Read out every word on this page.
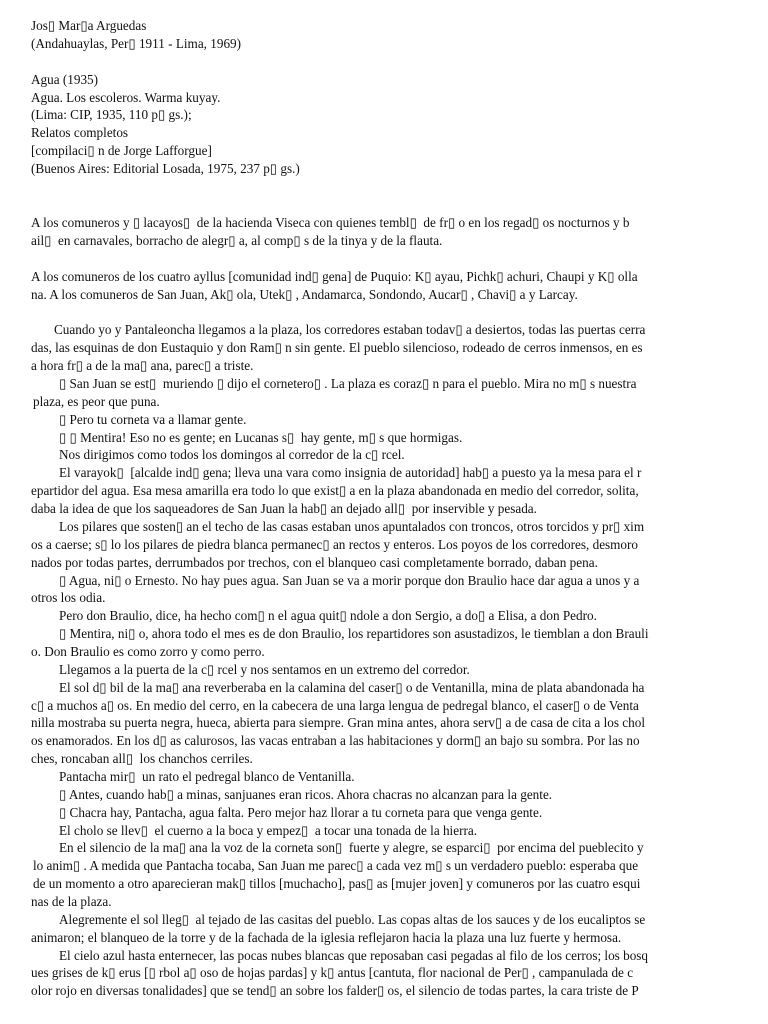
Jos▯ Mar▯a Arguedas
(Andahuaylas, Per▯ 1911 - Lima, 1969)
Agua (1935)
Agua. Los escoleros. Warma kuyay.
(Lima: CIP, 1935, 110 p▯ gs.);
Relatos completos
[compilaci▯ n de Jorge Lafforgue]
(Buenos Aires: Editorial Losada, 1975, 237 p▯ gs.)
A los comuneros y ▯ lacayos▯  de la hacienda Viseca con quienes tembl▯  de fr▯ o en los regad▯ os nocturnos y b
ail▯  en carnavales, borracho de alegr▯ a, al comp▯ s de la tinya y de la flauta.
A los comuneros de los cuatro ayllus [comunidad ind▯ gena] de Puquio: K▯ ayau, Pichk▯ achuri, Chaupi y K▯ olla
na. A los comuneros de San Juan, Ak▯ ola, Utek▯ , Andamarca, Sondondo, Aucar▯ , Chavi▯ a y Larcay.
Cuando yo y Pantaleoncha llegamos a la plaza, los corredores estaban todav▯ a desiertos, todas las puertas cerra
das, las esquinas de don Eustaquio y don Ram▯ n sin gente. El pueblo silencioso, rodeado de cerros inmensos, en es
a hora fr▯ a de la ma▯ ana, parec▯ a triste.
▯ San Juan se est▯  muriendo ▯ dijo el cornetero▯ . La plaza es coraz▯ n para el pueblo. Mira no m▯ s nuestra
plaza, es peor que puna.
▯ Pero tu corneta va a llamar gente.
▯ ▯ Mentira! Eso no es gente; en Lucanas s▯  hay gente, m▯ s que hormigas.
Nos dirigimos como todos los domingos al corredor de la c▯ rcel.
El varayok▯  [alcalde ind▯ gena; lleva una vara como insignia de autoridad] hab▯ a puesto ya la mesa para el r
epartidor del agua. Esa mesa amarilla era todo lo que exist▯ a en la plaza abandonada en medio del corredor, solita,
daba la idea de que los saqueadores de San Juan la hab▯ an dejado all▯  por inservible y pesada.
Los pilares que sosten▯ an el techo de las casas estaban unos apuntalados con troncos, otros torcidos y pr▯ xim
os a caerse; s▯ lo los pilares de piedra blanca permanec▯ an rectos y enteros. Los poyos de los corredores, desmoro
nados por todas partes, derrumbados por trechos, con el blanqueo casi completamente borrado, daban pena.
▯ Agua, ni▯ o Ernesto. No hay pues agua. San Juan se va a morir porque don Braulio hace dar agua a unos y a
otros los odia.
Pero don Braulio, dice, ha hecho com▯ n el agua quit▯ ndole a don Sergio, a do▯ a Elisa, a don Pedro.
▯ Mentira, ni▯ o, ahora todo el mes es de don Braulio, los repartidores son asustadizos, le tiemblan a don Brauli
o. Don Braulio es como zorro y como perro.
Llegamos a la puerta de la c▯ rcel y nos sentamos en un extremo del corredor.
El sol d▯ bil de la ma▯ ana reverberaba en la calamina del caser▯ o de Ventanilla, mina de plata abandonada ha
c▯ a muchos a▯ os. En medio del cerro, en la cabecera de una larga lengua de pedregal blanco, el caser▯ o de Venta
nilla mostraba su puerta negra, hueca, abierta para siempre. Gran mina antes, ahora serv▯ a de casa de cita a los chol
os enamorados. En los d▯ as calurosos, las vacas entraban a las habitaciones y dorm▯ an bajo su sombra. Por las no
ches, roncaban all▯  los chanchos cerriles.
Pantacha mir▯  un rato el pedregal blanco de Ventanilla.
▯ Antes, cuando hab▯ a minas, sanjuanes eran ricos. Ahora chacras no alcanzan para la gente.
▯ Chacra hay, Pantacha, agua falta. Pero mejor haz llorar a tu corneta para que venga gente.
El cholo se llev▯  el cuerno a la boca y empez▯  a tocar una tonada de la hierra.
En el silencio de la ma▯ ana la voz de la corneta son▯  fuerte y alegre, se esparci▯  por encima del pueblecito y
lo anim▯ . A medida que Pantacha tocaba, San Juan me parec▯ a cada vez m▯ s un verdadero pueblo: esperaba que
de un momento a otro aparecieran mak▯ tillos [muchacho], pas▯ as [mujer joven] y comuneros por las cuatro esqui
nas de la plaza.
Alegremente el sol lleg▯  al tejado de las casitas del pueblo. Las copas altas de los sauces y de los eucaliptos se
animaron; el blanqueo de la torre y de la fachada de la iglesia reflejaron hacia la plaza una luz fuerte y hermosa.
El cielo azul hasta enternecer, las pocas nubes blancas que reposaban casi pegadas al filo de los cerros; los bosq
ues grises de k▯ erus [▯ rbol a▯ oso de hojas pardas] y k▯ antus [cantuta, flor nacional de Per▯ , campanulada de c
olor rojo en diversas tonalidades] que se tend▯ an sobre los falder▯ os, el silencio de todas partes, la cara triste de P
